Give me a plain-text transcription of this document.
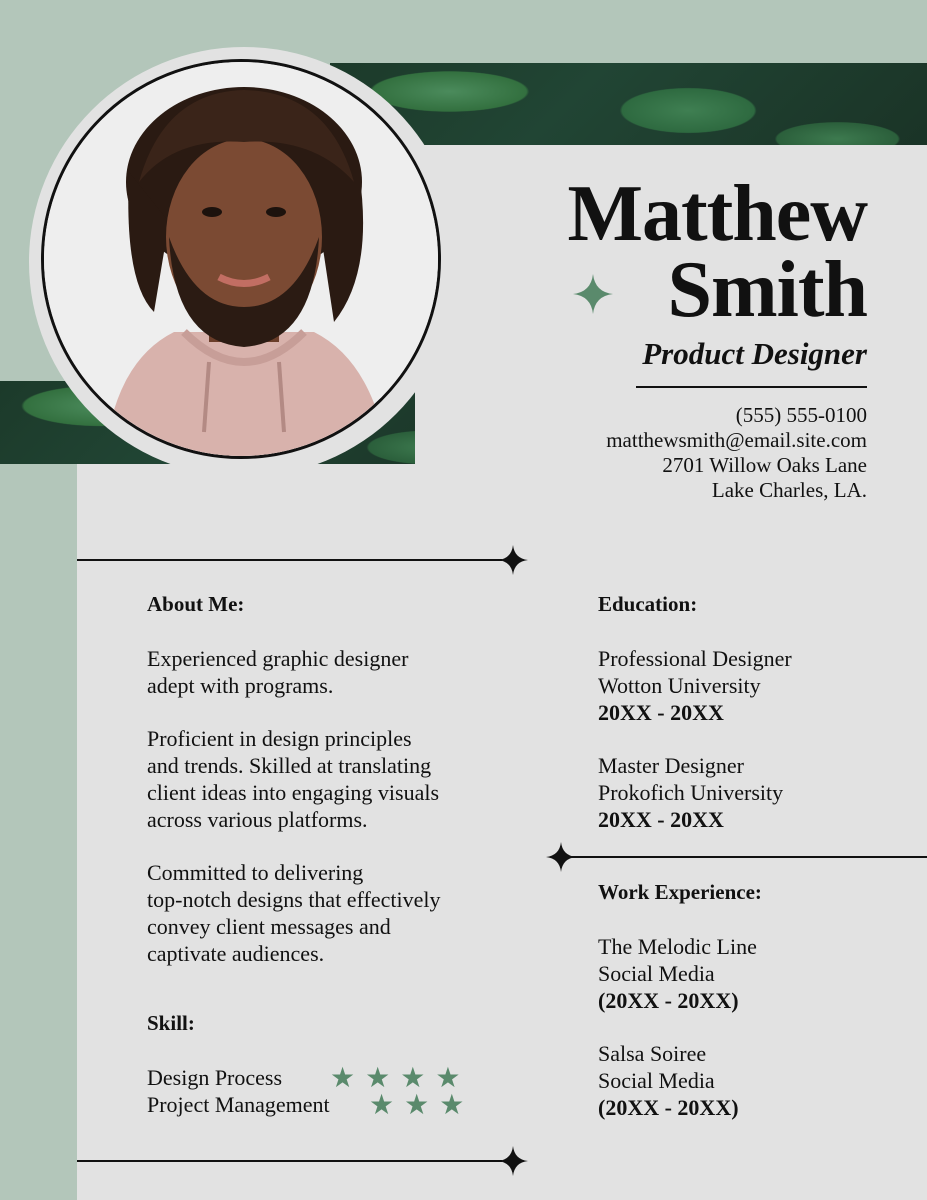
Matthew
Smith
Product Designer
(555) 555-0100
matthewsmith@email.site.com
2701 Willow Oaks Lane
Lake Charles, LA.
About Me:
Experienced graphic designer
adept with programs.
Proficient in design principles
and trends. Skilled at translating
client ideas into engaging visuals
across various platforms.
Committed to delivering
top-notch designs that effectively
convey client messages and
captivate audiences.
Skill:
Design Process
Project Management
★ ★ ★ ★
★ ★ ★
Education:
Professional Designer
Wotton University
20XX - 20XX
Master Designer
Prokofich University
20XX - 20XX
Work Experience:
The Melodic Line
Social Media
(20XX - 20XX)
Salsa Soiree
Social Media
(20XX - 20XX)
